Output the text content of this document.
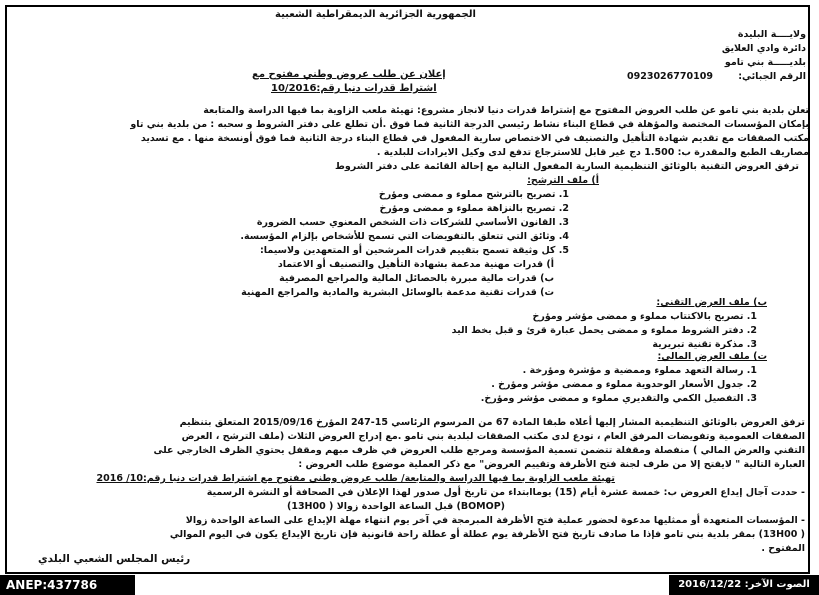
الجمهورية الجزائرية الديمقراطية الشعبية
ولايــــة البليدة
دائرة وادي العلايق
بلديـــــة بني تامو
الرقم الجبائي:
0923026770109
إعلان عن طلب عروض وطني مفتوح مع
اشتراط قدرات دنيا رقم:10/2016
تعلن بلدية بني تامو عن طلب العروض المفتوح مع إشتراط قدرات دنيا لانجاز مشروع: تهيئة ملعب الزاوية بما فيها الدراسة والمتابعة
بإمكان المؤسسات المختصة والمؤهلة في قطاع البناء نشاط رئيسي الدرجة الثانية فما فوق .أن تطلع على دفتر الشروط و سحبه : من بلدية بني تاو
مكتب الصفقات مع تقديم شهادة التأهيل والتصنيف في الاختصاص سارية المفعول في قطاع البناء درجة الثانية فما فوق أونسخة منها . مع تسديد
مصاريف الطبع والمقدرة ب: 1.500 دج غير قابل للاسترجاع تدفع لدى وكيل الايرادات للبلدية .
ترفق العروض التقنية بالوثائق التنظيمية السارية المفعول التالية مع إحالة القائمة على دفتر الشروط
أ) ملف الترشح:
1. تصريح بالترشح مملوء و ممضى ومؤرخ
2. تصريح بالنزاهة مملوء و ممضى ومؤرخ
3. القانون الأساسي للشركات ذات الشخص المعنوي حسب الضرورة
4. وثائق التي تتعلق بالتفويضات التي تسمح للأشخاص بإلزام المؤسسة.
5. كل وثيقة تسمح بتقييم قدرات المرشحين أو المتعهدين ولاسيما:
أ) قدرات مهنية مدعمة بشهادة التأهيل والتصنيف أو الاعتماد
ب) قدرات مالية مبررة بالحصائل المالية والمراجع المصرفية
ت) قدرات تقنية مدعمة بالوسائل البشرية والمادية والمراجع المهنية
ب) ملف العرض التقني:
1. تصريح بالاكتتاب مملوء و ممضى مؤشر ومؤرخ
2. دفتر الشروط مملوء و ممضى يحمل عبارة قرئ و قبل بخط اليد
3. مذكرة تقنية تبريرية
ت) ملف العرض المالي:
1. رسالة التعهد مملوء وممضية و مؤشرة ومؤرخة .
2. جدول الأسعار الوحدوية مملوء و ممضى مؤشر ومؤرخ .
3. التفصيل الكمي والتقديري مملوء و ممضى مؤشر ومؤرخ.
ترفق العروض بالوثائق التنظيمية المشار إليها أعلاه طبقا المادة 67 من المرسوم الرئاسي 15-247 المؤرخ 2015/09/16 المتعلق بتنظيم
الصفقات العمومية وتفويضات المرفق العام ، تودع لدى مكتب الصفقات لبلدية بني تامو .مع إدراج العروض الثلاث (ملف الترشح ، العرض
التقني والعرض المالي ) منفصلة ومقفلة تتضمن تسمية المؤسسة ومرجع طلب العروض في ظرف مبهم ومقفل يحتوي الظرف الخارجي على
العبارة التالية " لايفتح إلا من طرف لجنة فتح الأظرفة وتقييم العروض" مع ذكر العملية موضوع طلب العروض :
تهيئة ملعب الزاوية بما فيها الدراسة والمتابعة/ طلب عروض وطني مفتوح مع اشتراط قدرات دنيا رقم:10/ 2016
- حددت آجال إيداع العروض ب: خمسة عشرة أيام (15) يوماابتداء من تاريخ أول صدور لهذا الإعلان في الصحافة أو النشرة الرسمية
(BOMOP) قبل الساعة الواحدة زوالا ( 13H00)
- المؤسسات المتعهدة أو ممثليها مدعوة لحضور عملية فتح الأظرفة المبرمجة في آخر يوم انتهاء مهلة الإيداع على الساعة الواحدة زوالا
( 13H00) بمقر بلدية بني تامو فإذا ما صادف تاريخ فتح الأظرفة يوم عطلة أو عطلة راحة قانونية فإن تاريخ الإيداع يكون في اليوم الموالي
المفتوح .
رئيس المجلس الشعبي البلدي
ANEP:437786	الصوت الآخر: 2016/12/22
